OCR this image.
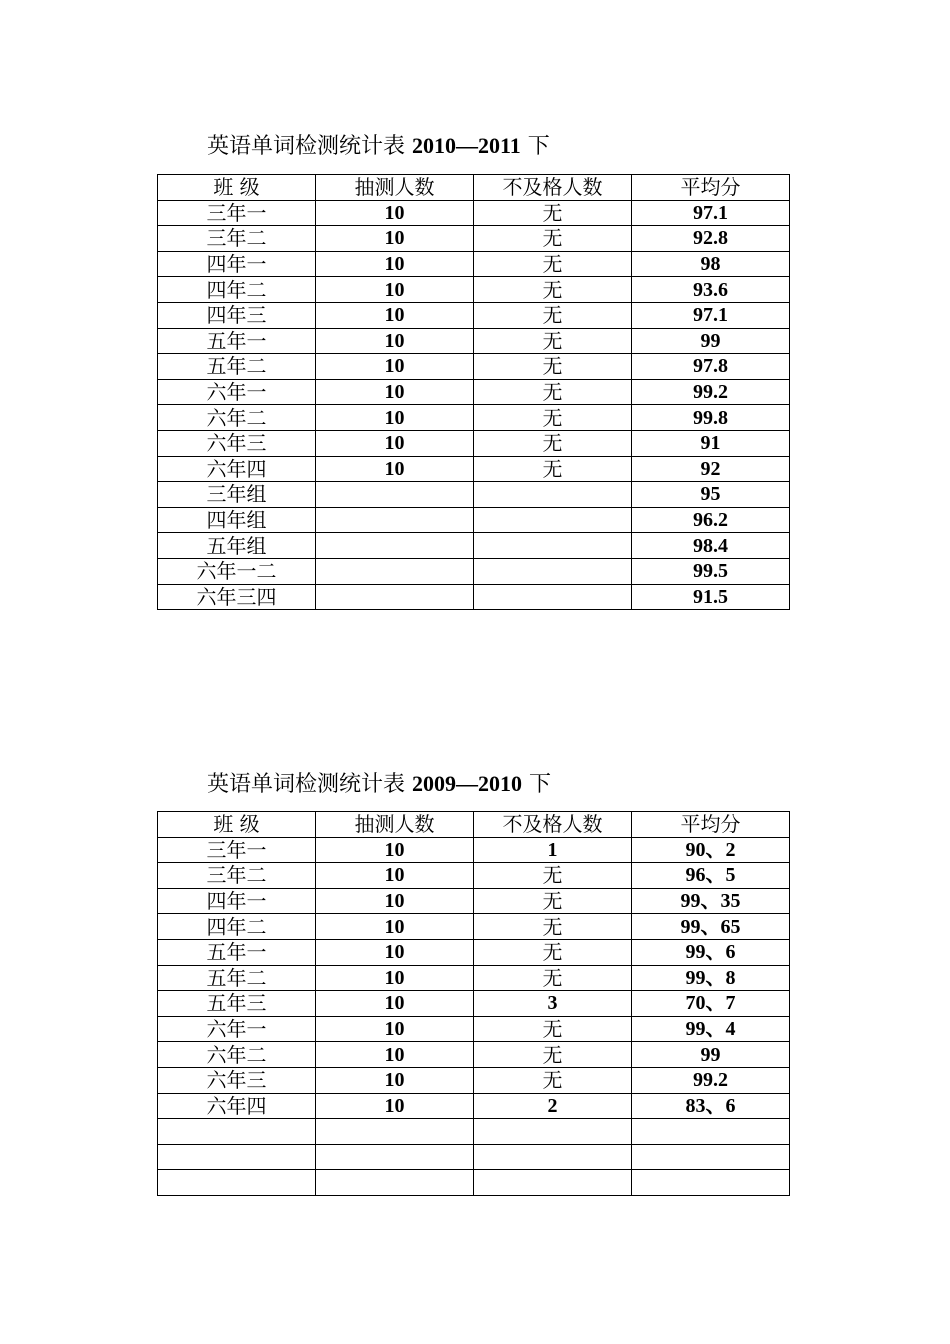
英语单词检测统计表 2010—2011 下
班 级	抽测人数	不及格人数	平均分
三年一	10	无	97.1
三年二	10	无	92.8
四年一	10	无	98
四年二	10	无	93.6
四年三	10	无	97.1
五年一	10	无	99
五年二	10	无	97.8
六年一	10	无	99.2
六年二	10	无	99.8
六年三	10	无	91
六年四	10	无	92
三年组			95
四年组			96.2
五年组			98.4
六年一二			99.5
六年三四			91.5
英语单词检测统计表 2009—2010 下
班 级	抽测人数	不及格人数	平均分
三年一	10	1	90、2
三年二	10	无	96、5
四年一	10	无	99、35
四年二	10	无	99、65
五年一	10	无	99、6
五年二	10	无	99、8
五年三	10	3	70、7
六年一	10	无	99、4
六年二	10	无	99
六年三	10	无	99.2
六年四	10	2	83、6
